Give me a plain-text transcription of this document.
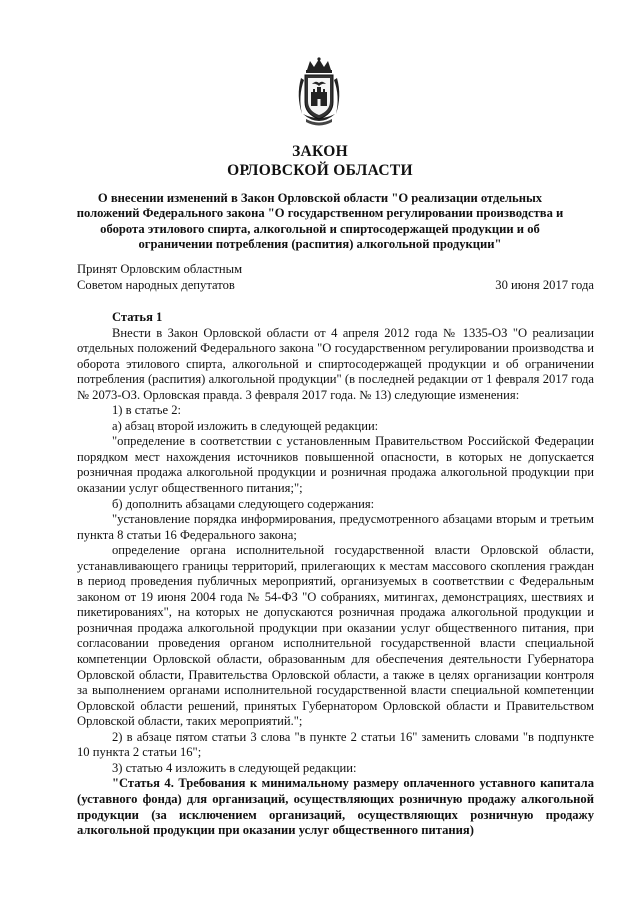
ЗАКОН
ОРЛОВСКОЙ ОБЛАСТИ
О внесении изменений в Закон Орловской области "О реализации отдельных положений Федерального закона "О государственном регулировании производства и оборота этилового спирта, алкогольной и спиртосодержащей продукции и об ограничении потребления (распития) алкогольной продукции"
Принят Орловским областным
Советом народных депутатов	30 июня 2017 года

Статья 1

Внести в Закон Орловской области от 4 апреля 2012 года № 1335-ОЗ "О реализации отдельных положений Федерального закона "О государственном регулировании производства и оборота этилового спирта, алкогольной и спиртосодержащей продукции и об ограничении потребления (распития) алкогольной продукции" (в последней редакции от 1 февраля 2017 года № 2073-ОЗ. Орловская правда. 3 февраля 2017 года. № 13) следующие изменения:

1) в статье 2:

а) абзац второй изложить в следующей редакции:

"определение в соответствии с установленным Правительством Российской Федерации порядком мест нахождения источников повышенной опасности, в которых не допускается розничная продажа алкогольной продукции и розничная продажа алкогольной продукции при оказании услуг общественного питания;";

б) дополнить абзацами следующего содержания:

"установление порядка информирования, предусмотренного абзацами вторым и третьим пункта 8 статьи 16 Федерального закона;

определение органа исполнительной государственной власти Орловской области, устанавливающего границы территорий, прилегающих к местам массового скопления граждан в период проведения публичных мероприятий, организуемых в соответствии с Федеральным законом от 19 июня 2004 года № 54-ФЗ "О собраниях, митингах, демонстрациях, шествиях и пикетированиях", на которых не допускаются розничная продажа алкогольной продукции и розничная продажа алкогольной продукции при оказании услуг общественного питания, при согласовании проведения органом исполнительной государственной власти специальной компетенции Орловской области, образованным для обеспечения деятельности Губернатора Орловской области, Правительства Орловской области, а также в целях организации контроля за выполнением органами исполнительной государственной власти специальной компетенции Орловской области решений, принятых Губернатором Орловской области и Правительством Орловской области, таких мероприятий.";

2) в абзаце пятом статьи 3 слова "в пункте 2 статьи 16" заменить словами "в подпункте 10 пункта 2 статьи 16";

3) статью 4 изложить в следующей редакции:

"Статья 4. Требования к минимальному размеру оплаченного уставного капитала (уставного фонда) для организаций, осуществляющих розничную продажу алкогольной продукции (за исключением организаций, осуществляющих розничную продажу алкогольной продукции при оказании услуг общественного питания)
